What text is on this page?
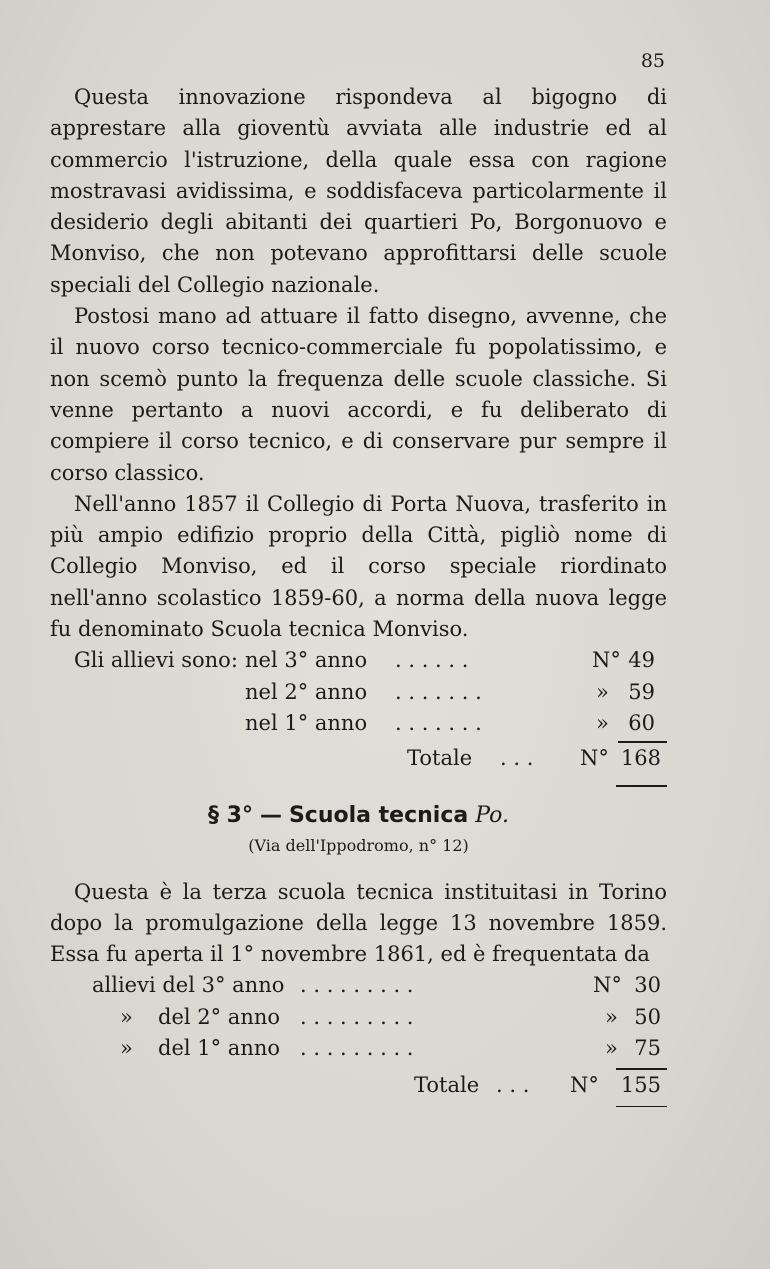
85

Questa innovazione rispondeva al bigogno di apprestare alla gioventù avviata alle industrie ed al commercio l'istruzione, della quale essa con ragione mostravasi avidissima, e soddisfaceva particolarmente il desiderio degli abitanti dei quartieri Po, Borgonuovo e Monviso, che non potevano approfittarsi delle scuole speciali del Collegio nazionale.

Postosi mano ad attuare il fatto disegno, avvenne, che il nuovo corso tecnico-commerciale fu popolatissimo, e non scemò punto la frequenza delle scuole classiche. Si venne pertanto a nuovi accordi, e fu deliberato di compiere il corso tecnico, e di conservare pur sempre il corso classico.

Nell'anno 1857 il Collegio di Porta Nuova, trasferito in più ampio edifizio proprio della Città, pigliò nome di Collegio Monviso, ed il corso speciale riordinato nell'anno scolastico 1859-60, a norma della nuova legge fu denominato Scuola tecnica Monviso.

Gli allievi sono: nel 3° anno . . . . . .	N° 49
nel 2° anno . . . . . . .	» 59
nel 1° anno . . . . . . .	» 60
Totale . . . N° 168
§ 3° — Scuola tecnica Po.
(Via dell'Ippodromo, n° 12)

Questa è la terza scuola tecnica instituitasi in Torino dopo la promulgazione della legge 13 novembre 1859. Essa fu aperta il 1° novembre 1861, ed è frequentata da

allievi del 3° anno . . . . . . . . .	N° 30
» del 2° anno . . . . . . . . .	» 50
» del 1° anno . . . . . . . . .	» 75
Totale . . . N° 155
